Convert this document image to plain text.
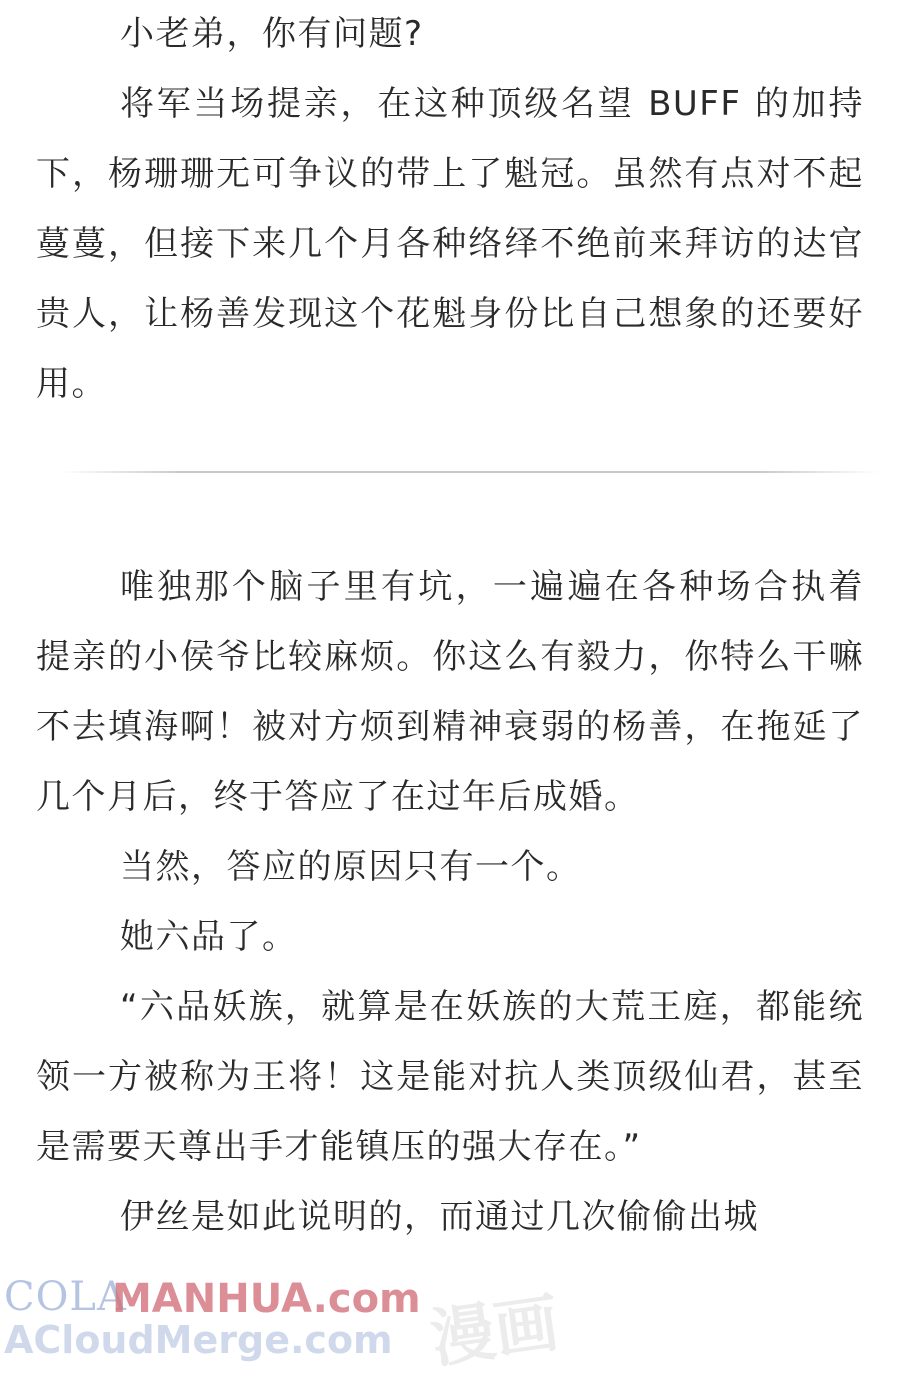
小老弟，你有问题?

将军当场提亲，在这种顶级名望 BUFF 的加持下，杨珊珊无可争议的带上了魁冠。虽然有点对不起蔓蔓，但接下来几个月各种络绎不绝前来拜访的达官贵人，让杨善发现这个花魁身份比自己想象的还要好用。

唯独那个脑子里有坑，一遍遍在各种场合执着提亲的小侯爷比较麻烦。你这么有毅力，你特么干嘛不去填海啊！被对方烦到精神衰弱的杨善，在拖延了几个月后，终于答应了在过年后成婚。

当然，答应的原因只有一个。

她六品了。

“六品妖族，就算是在妖族的大荒王庭，都能统领一方被称为王将！这是能对抗人类顶级仙君，甚至是需要天尊出手才能镇压的强大存在。”

伊丝是如此说明的，而通过几次偷偷出城

漫画
COLA
MANHUA.com
ACloudMerge.com
